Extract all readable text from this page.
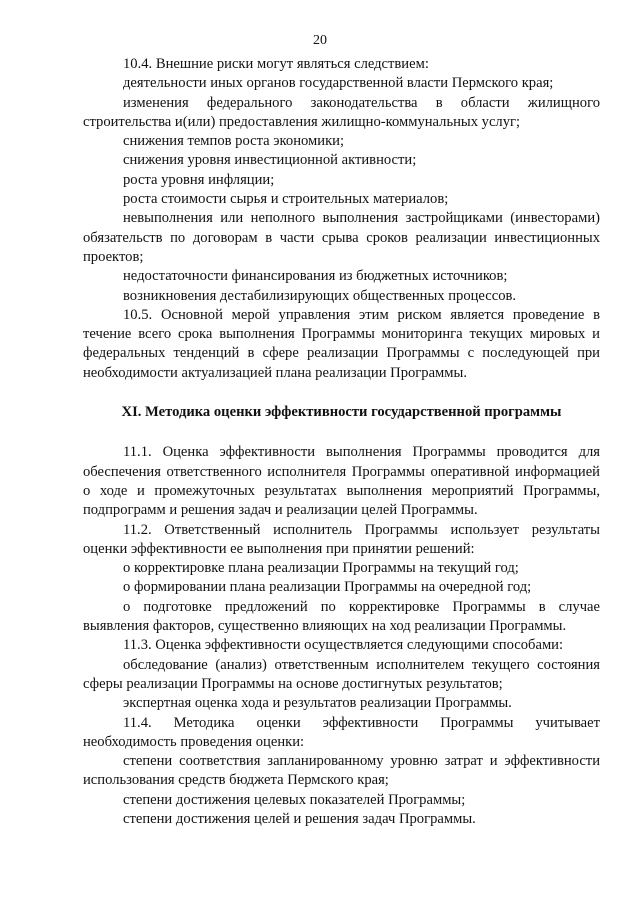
20

10.4. Внешние риски могут являться следствием:

деятельности иных органов государственной власти Пермского края;

изменения федерального законодательства в области жилищного строительства и(или) предоставления жилищно-коммунальных услуг;

снижения темпов роста экономики;

снижения уровня инвестиционной активности;

роста уровня инфляции;

роста стоимости сырья и строительных материалов;

невыполнения или неполного выполнения застройщиками (инвесторами) обязательств по договорам в части срыва сроков реализации инвестиционных проектов;

недостаточности финансирования из бюджетных источников;

возникновения дестабилизирующих общественных процессов.

10.5. Основной мерой управления этим риском является проведение в течение всего срока выполнения Программы мониторинга текущих мировых и федеральных тенденций в сфере реализации Программы с последующей при необходимости актуализацией плана реализации Программы.

XI. Методика оценки эффективности государственной программы

11.1. Оценка эффективности выполнения Программы проводится для обеспечения ответственного исполнителя Программы оперативной информацией о ходе и промежуточных результатах выполнения мероприятий Программы, подпрограмм и решения задач и реализации целей Программы.

11.2. Ответственный исполнитель Программы использует результаты оценки эффективности ее выполнения при принятии решений:

о корректировке плана реализации Программы на текущий год;

о формировании плана реализации Программы на очередной год;

о подготовке предложений по корректировке Программы в случае выявления факторов, существенно влияющих на ход реализации Программы.

11.3. Оценка эффективности осуществляется следующими способами:

обследование (анализ) ответственным исполнителем текущего состояния сферы реализации Программы на основе достигнутых результатов;

экспертная оценка хода и результатов реализации Программы.

11.4. Методика оценки эффективности Программы учитывает необходимость проведения оценки:

степени соответствия запланированному уровню затрат и эффективности использования средств бюджета Пермского края;

степени достижения целевых показателей Программы;

степени достижения целей и решения задач Программы.
